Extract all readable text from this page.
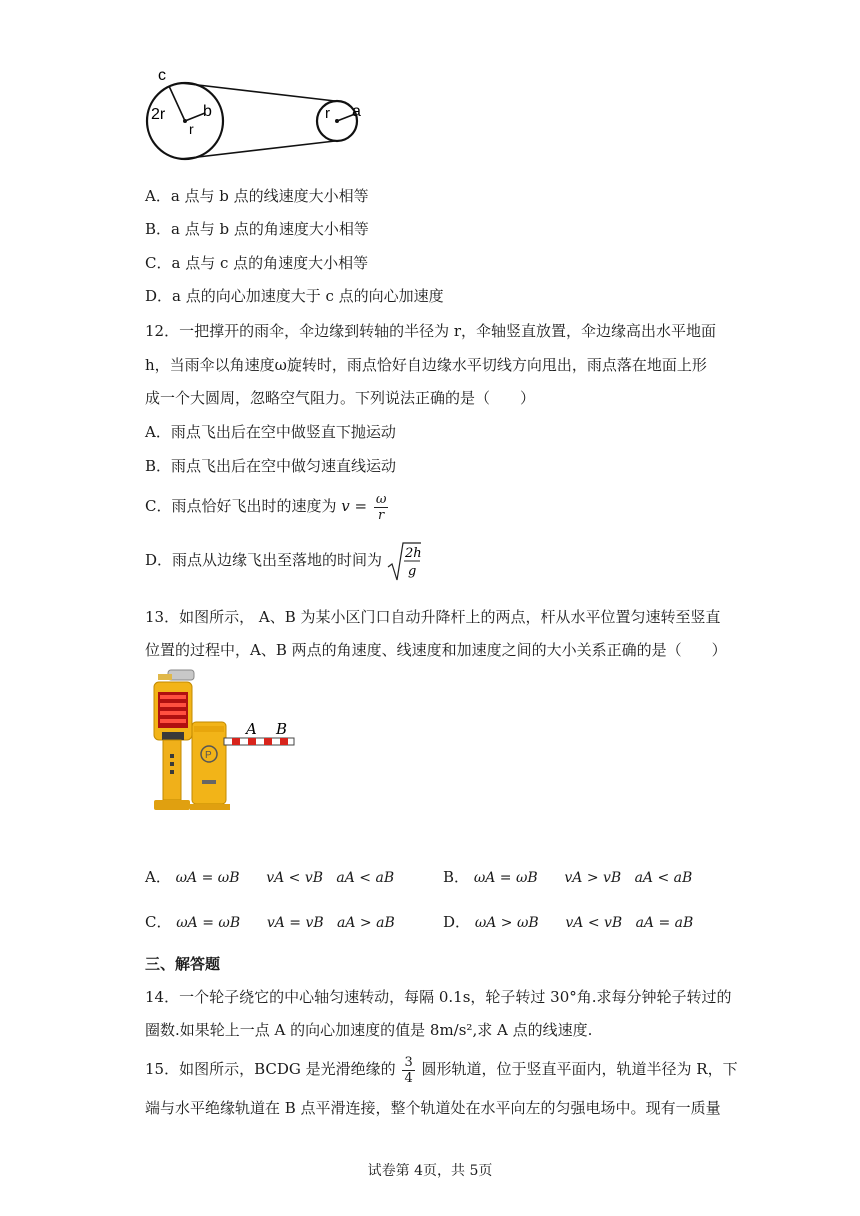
c
2r b
r
r a
A．a 点与 b 点的线速度大小相等
B．a 点与 b 点的角速度大小相等
C．a 点与 c 点的角速度大小相等
D．a 点的向心加速度大于 c 点的向心加速度
12．一把撑开的雨伞，伞边缘到转轴的半径为 r，伞轴竖直放置，伞边缘高出水平地面
h，当雨伞以角速度ω旋转时，雨点恰好自边缘水平切线方向甩出，雨点落在地面上形
成一个大圆周，忽略空气阻力。下列说法正确的是（　　）
A．雨点飞出后在空中做竖直下抛运动
B．雨点飞出后在空中做匀速直线运动
C．雨点恰好飞出时的速度为 $v = \frac{\omega}{r}$
D．雨点从边缘飞出至落地的时间为 2h
g
13．如图所示， A、B 为某小区门口自动升降杆上的两点，杆从水平位置匀速转至竖直
位置的过程中，A、B 两点的角速度、线速度和加速度之间的大小关系正确的是（　　）
P
A B
A． ωA = ωB      vA < vB   aA < aB	B． ωA = ωB      vA > vB   aA < aB
C． ωA = ωB      vA = vB   aA > aB	D． ωA > ωB      vA < vB   aA = aB
三、解答题
14．一个轮子绕它的中心轴匀速转动，每隔 0.1s，轮子转过 30°角.求每分钟轮子转过的
圈数.如果轮上一点 A 的向心加速度的值是 8m/s²,求 A 点的线速度.
15．如图所示，BCDG 是光滑绝缘的 $\frac{3}{4}$ 圆形轨道，位于竖直平面内，轨道半径为 R，下
端与水平绝缘轨道在 B 点平滑连接，整个轨道处在水平向左的匀强电场中。现有一质量
试卷第 4页，共 5页
